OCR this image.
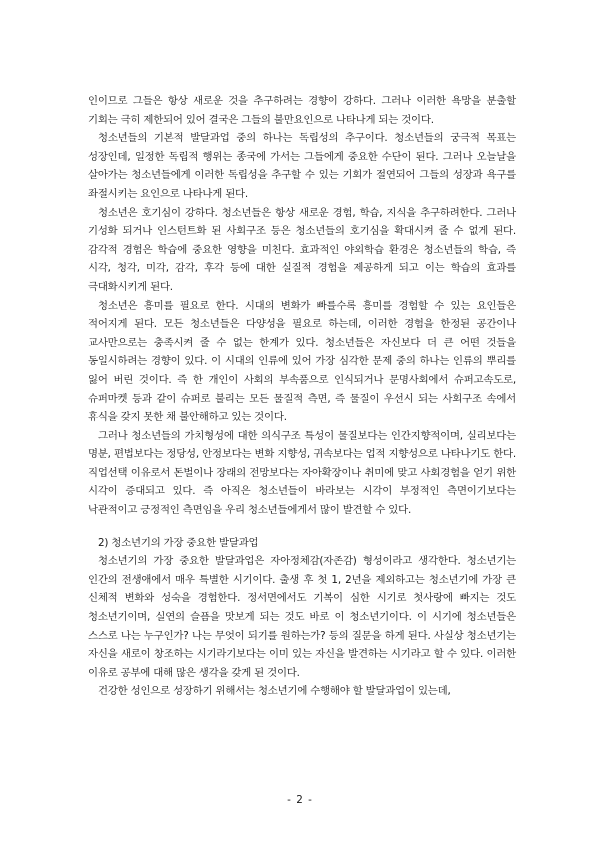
인이므로 그들은 항상 새로운 것을 추구하려는 경향이 강하다. 그러나 이러한 욕망을 분출할 기회는 극히 제한되어 있어 결국은 그들의 불만요인으로 나타나게 되는 것이다.

청소년들의 기본적 발달과업 중의 하나는 독립성의 추구이다. 청소년들의 궁극적 목표는 성장인데, 일정한 독립적 행위는 종국에 가서는 그들에게 중요한 수단이 된다. 그러나 오늘날을 살아가는 청소년들에게 이러한 독립성을 추구할 수 있는 기회가 절연되어 그들의 성장과 욕구를 좌절시키는 요인으로 나타나게 된다.

청소년은 호기심이 강하다. 청소년들은 항상 새로운 경험, 학습, 지식을 추구하려한다. 그러나 기성화 되거나 인스턴트화 된 사회구조 등은 청소년들의 호기심을 확대시켜 줄 수 없게 된다. 감각적 경험은 학습에 중요한 영향을 미친다. 효과적인 야외학습 환경은 청소년들의 학습, 즉 시각, 청각, 미각, 감각, 후각 등에 대한 실질적 경험을 제공하게 되고 이는 학습의 효과를 극대화시키게 된다.

청소년은 흥미를 필요로 한다. 시대의 변화가 빠를수록 흥미를 경험할 수 있는 요인들은 적어지게 된다. 모든 청소년들은 다양성을 필요로 하는데, 이러한 경험을 한정된 공간이나 교사만으로는 충족시켜 줄 수 없는 한계가 있다. 청소년들은 자신보다 더 큰 어떤 것들을 동일시하려는 경향이 있다. 이 시대의 인류에 있어 가장 심각한 문제 중의 하나는 인류의 뿌리를 잃어 버린 것이다. 즉 한 개인이 사회의 부속품으로 인식되거나 문명사회에서 슈퍼고속도로, 슈퍼마켓 등과 같이 슈퍼로 불리는 모든 물질적 측면, 즉 물질이 우선시 되는 사회구조 속에서 휴식을 갖지 못한 채 불안해하고 있는 것이다.

그러나 청소년들의 가치형성에 대한 의식구조 특성이 물질보다는 인간지향적이며, 실리보다는 명분, 편법보다는 정당성, 안정보다는 변화 지향성, 귀속보다는 업적 지향성으로 나타나기도 한다. 직업선택 이유로서 돈벌이나 장래의 전망보다는 자아확장이나 취미에 맞고 사회경험을 얻기 위한 시각이 증대되고 있다. 즉 아직은 청소년들이 바라보는 시각이 부정적인 측면이기보다는 낙관적이고 긍정적인 측면임을 우리 청소년들에게서 많이 발견할 수 있다.

2) 청소년기의 가장 중요한 발달과업

청소년기의 가장 중요한 발달과업은 자아정체감(자존감) 형성이라고 생각한다. 청소년기는 인간의 전생애에서 매우 특별한 시기이다. 출생 후 첫 1, 2년을 제외하고는 청소년기에 가장 큰 신체적 변화와 성숙을 경험한다. 정서면에서도 기복이 심한 시기로 첫사랑에 빠지는 것도 청소년기이며, 실연의 슬픔을 맛보게 되는 것도 바로 이 청소년기이다. 이 시기에 청소년들은 스스로 나는 누구인가? 나는 무엇이 되기를 원하는가? 등의 질문을 하게 된다. 사실상 청소년기는 자신을 새로이 창조하는 시기라기보다는 이미 있는 자신을 발견하는 시기라고 할 수 있다. 이러한 이유로 공부에 대해 많은 생각을 갖게 된 것이다.

건강한 성인으로 성장하기 위해서는 청소년기에 수행해야 할 발달과업이 있는데,

- 2 -
